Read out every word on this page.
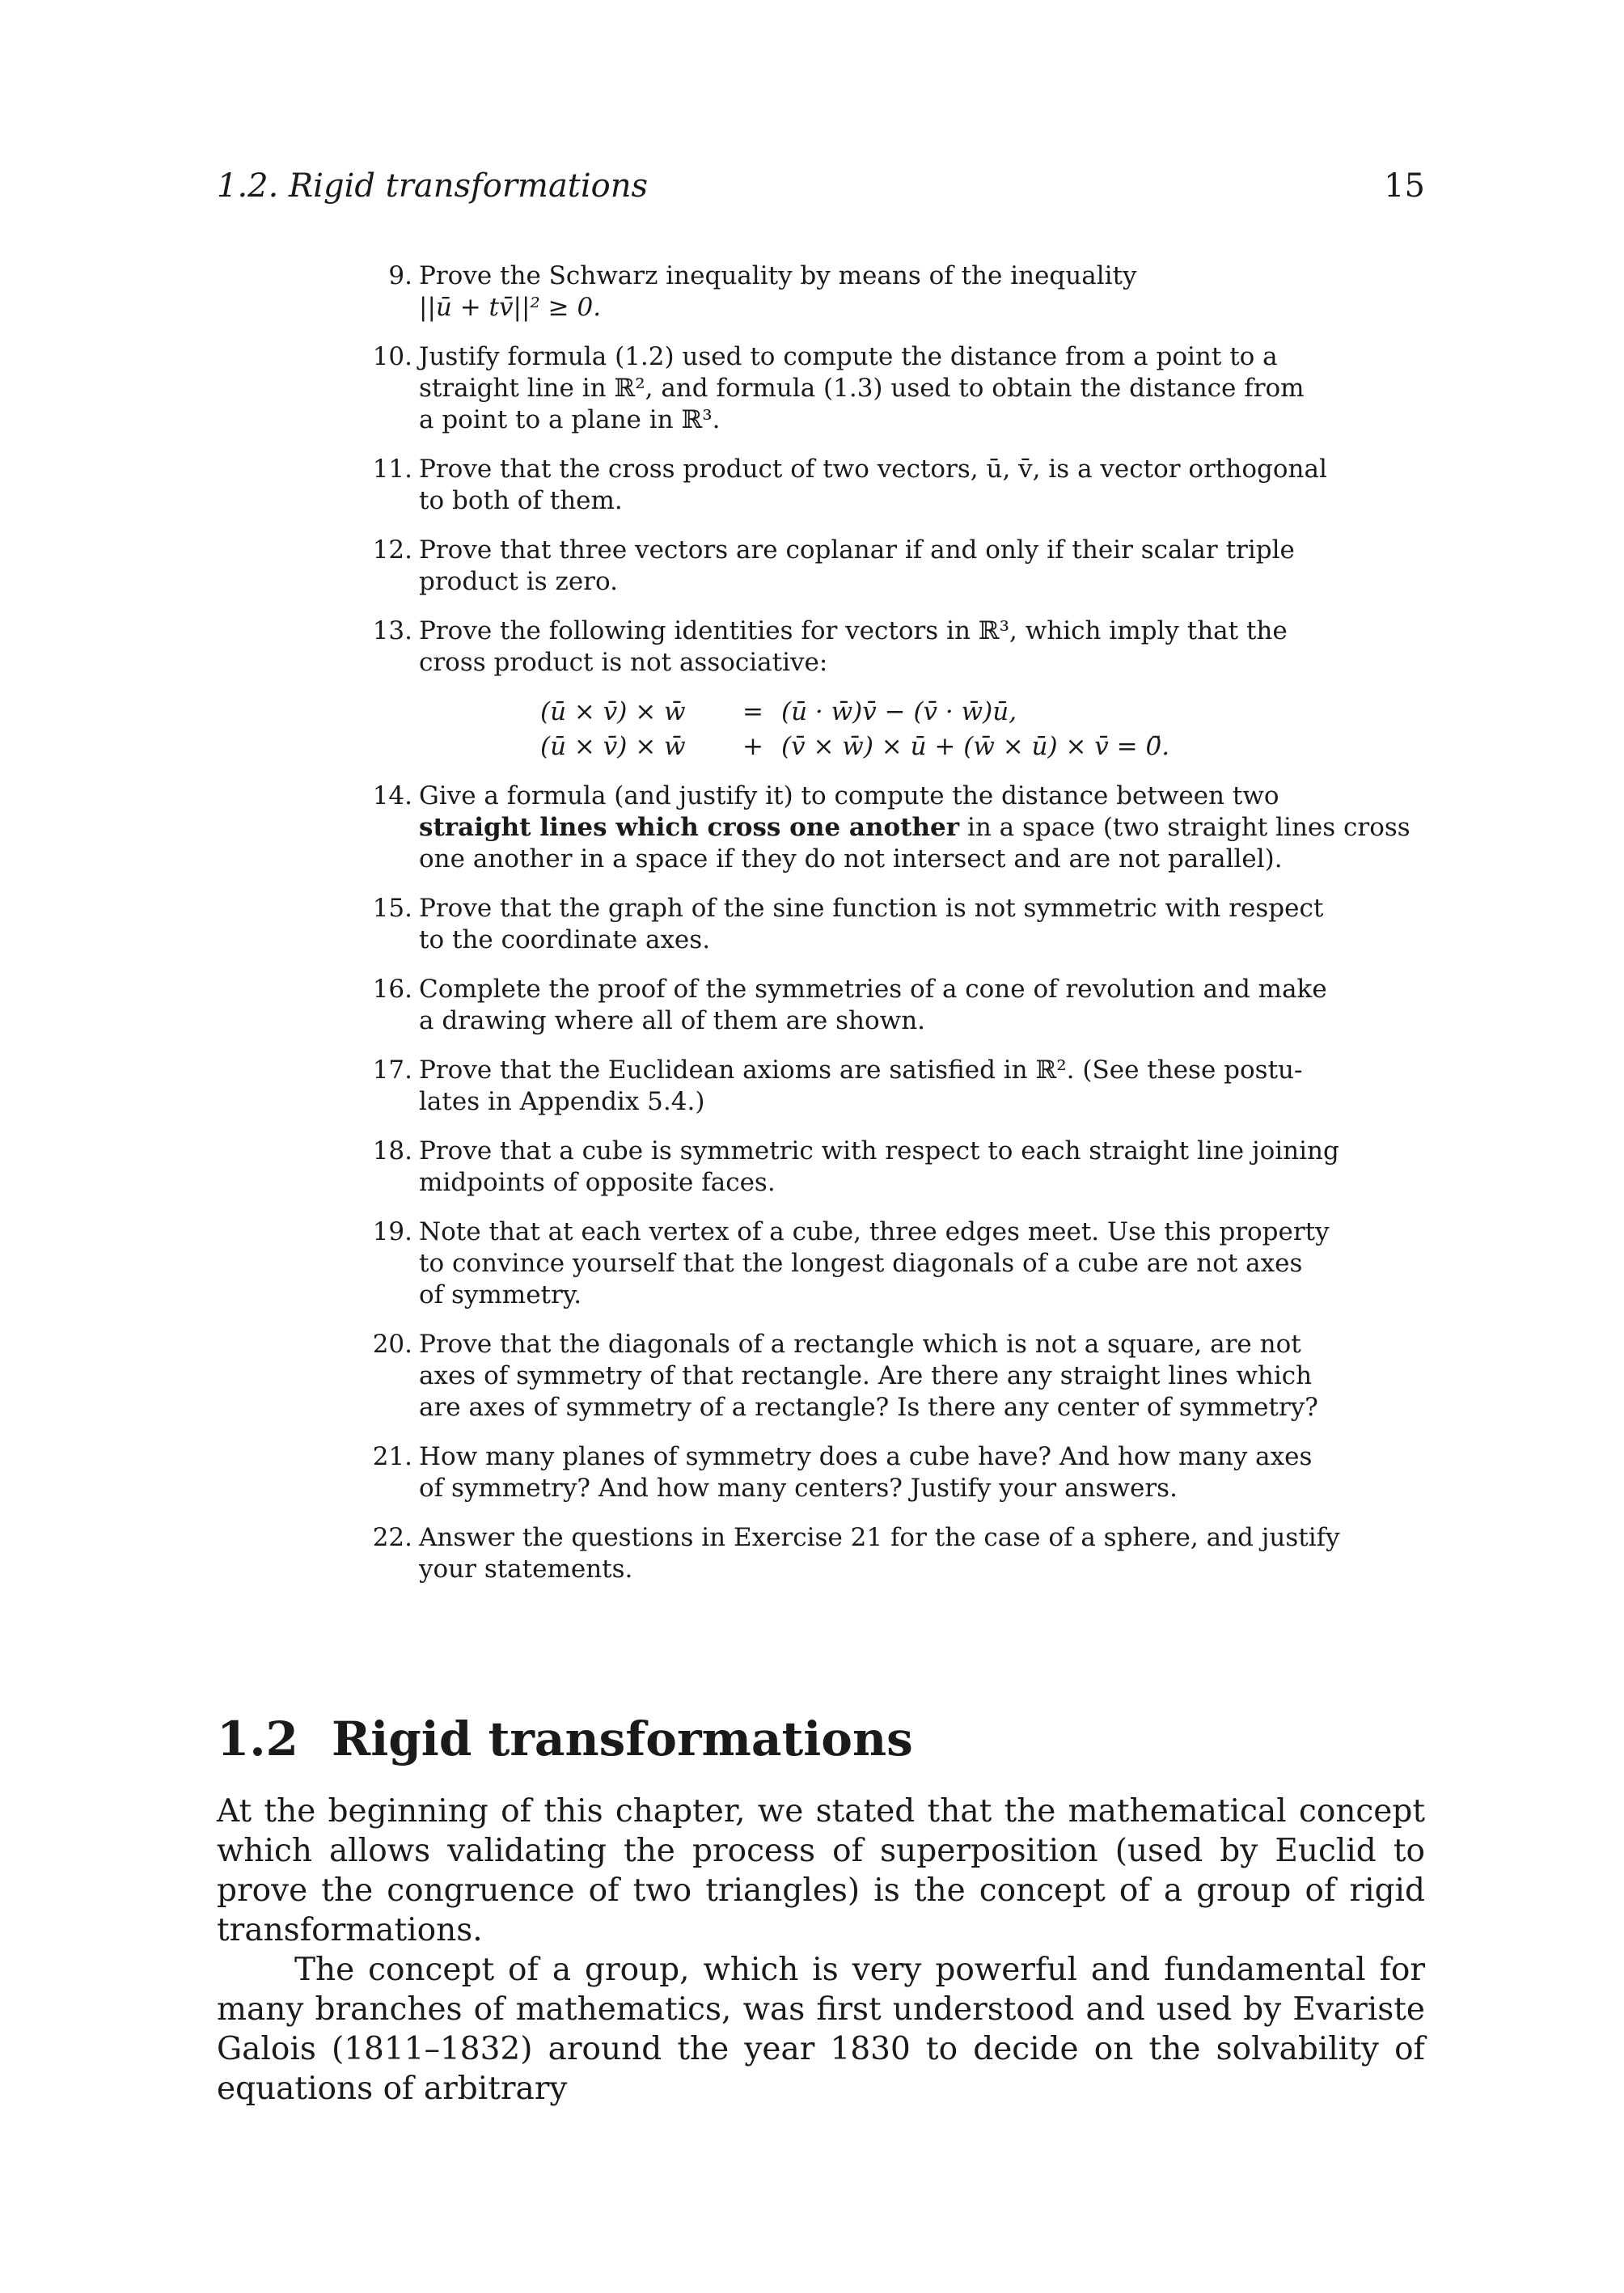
1.2. Rigid transformations	15
9. Prove the Schwarz inequality by means of the inequality
||ū + tv̄||² ≥ 0.
10. Justify formula (1.2) used to compute the distance from a point to a
straight line in ℝ², and formula (1.3) used to obtain the distance from
a point to a plane in ℝ³.
11. Prove that the cross product of two vectors, ū, v̄, is a vector orthogonal
to both of them.
12. Prove that three vectors are coplanar if and only if their scalar triple
product is zero.
13. Prove the following identities for vectors in ℝ³, which imply that the
cross product is not associative:
(ū × v̄) × w̄	= (ū · w̄)v̄ − (v̄ · w̄)ū,
(ū × v̄) × w̄	+ (v̄ × w̄) × ū + (w̄ × ū) × v̄ = 0̄.
14. Give a formula (and justify it) to compute the distance between two
straight lines which cross one another in a space (two straight lines cross
one another in a space if they do not intersect and are not parallel).
15. Prove that the graph of the sine function is not symmetric with respect
to the coordinate axes.
16. Complete the proof of the symmetries of a cone of revolution and make
a drawing where all of them are shown.
17. Prove that the Euclidean axioms are satisfied in ℝ². (See these postu-
lates in Appendix 5.4.)
18. Prove that a cube is symmetric with respect to each straight line joining
midpoints of opposite faces.
19. Note that at each vertex of a cube, three edges meet. Use this property
to convince yourself that the longest diagonals of a cube are not axes
of symmetry.
20. Prove that the diagonals of a rectangle which is not a square, are not
axes of symmetry of that rectangle. Are there any straight lines which
are axes of symmetry of a rectangle? Is there any center of symmetry?
21. How many planes of symmetry does a cube have? And how many axes
of symmetry? And how many centers? Justify your answers.
22. Answer the questions in Exercise 21 for the case of a sphere, and justify
your statements.
1.2 Rigid transformations

At the beginning of this chapter, we stated that the mathematical concept which allows validating the process of superposition (used by Euclid to prove the congruence of two triangles) is the concept of a group of rigid transformations.

The concept of a group, which is very powerful and fundamental for many branches of mathematics, was first understood and used by Evariste Galois (1811–1832) around the year 1830 to decide on the solvability of equations of arbitrary
